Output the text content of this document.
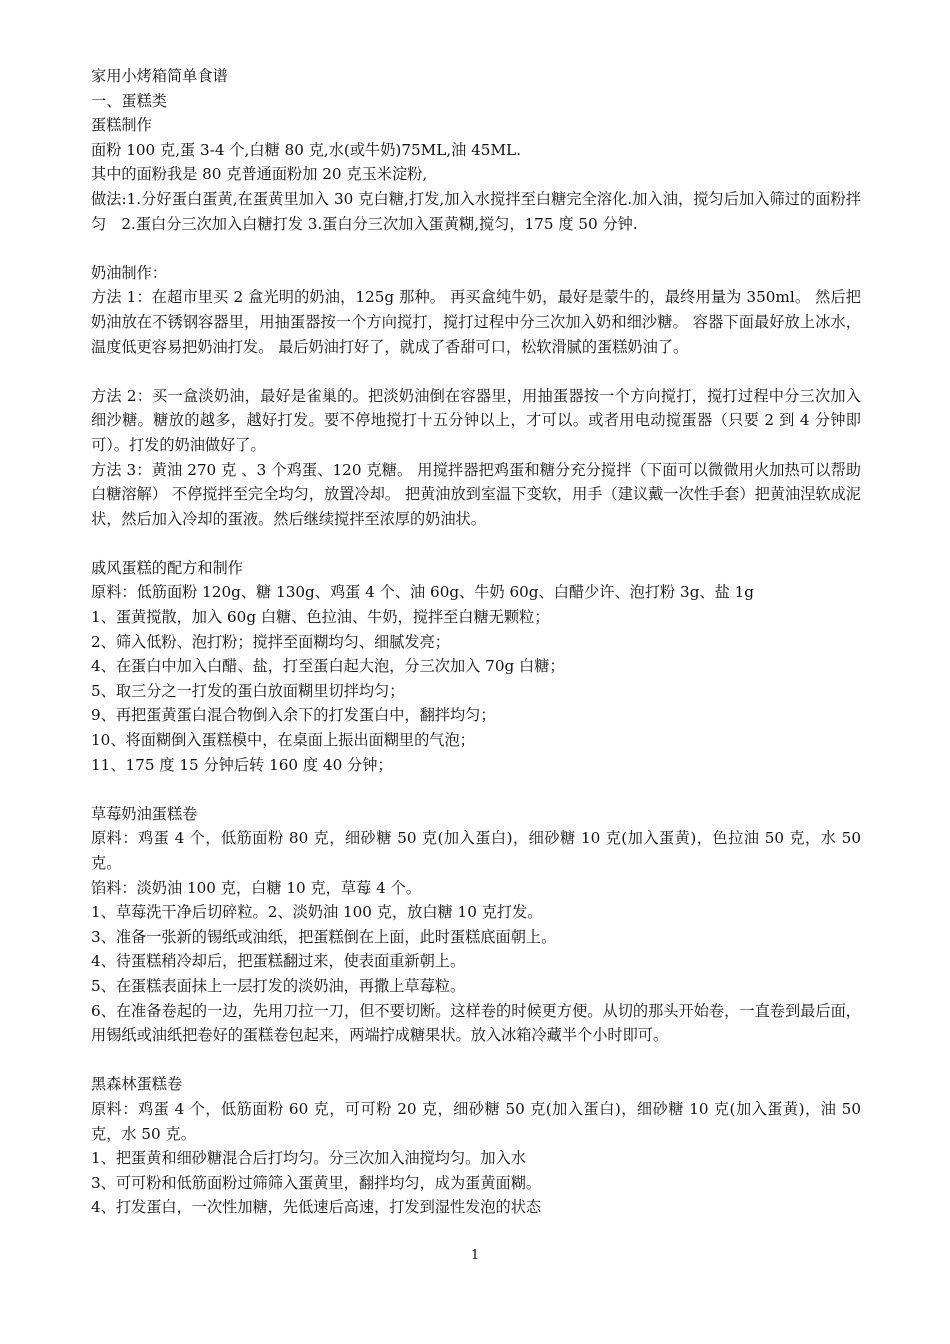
家用小烤箱简单食谱

一、蛋糕类

蛋糕制作

面粉 100 克,蛋 3-4 个,白糖 80 克,水(或牛奶)75ML,油 45ML.

其中的面粉我是 80 克普通面粉加 20 克玉米淀粉,

做法:1.分好蛋白蛋黄,在蛋黄里加入 30 克白糖,打发,加入水搅拌至白糖完全溶化.加入油，搅匀后加入筛过的面粉拌匀　2.蛋白分三次加入白糖打发 3.蛋白分三次加入蛋黄糊,搅匀，175 度 50 分钟.

奶油制作：

方法 1：在超市里买 2 盒光明的奶油，125g 那种。 再买盒纯牛奶，最好是蒙牛的，最终用量为 350ml。 然后把奶油放在不锈钢容器里，用抽蛋器按一个方向搅打，搅打过程中分三次加入奶和细沙糖。 容器下面最好放上冰水，温度低更容易把奶油打发。 最后奶油打好了，就成了香甜可口，松软滑腻的蛋糕奶油了。

方法 2：买一盒淡奶油，最好是雀巢的。把淡奶油倒在容器里，用抽蛋器按一个方向搅打，搅打过程中分三次加入细沙糖。糖放的越多，越好打发。要不停地搅打十五分钟以上，才可以。或者用电动搅蛋器（只要 2 到 4 分钟即可）。打发的奶油做好了。

方法 3：黄油 270 克 、3 个鸡蛋、120 克糖。 用搅拌器把鸡蛋和糖分充分搅拌（下面可以微微用火加热可以帮助白糖溶解） 不停搅拌至完全均匀，放置冷却。 把黄油放到室温下变软，用手（建议戴一次性手套）把黄油涅软成泥状，然后加入冷却的蛋液。然后继续搅拌至浓厚的奶油状。

戚风蛋糕的配方和制作

原料：低筋面粉 120g、糖 130g、鸡蛋 4 个、油 60g、牛奶 60g、白醋少许、泡打粉 3g、盐 1g

1、蛋黄搅散，加入 60g 白糖、色拉油、牛奶，搅拌至白糖无颗粒；

2、筛入低粉、泡打粉；搅拌至面糊均匀、细腻发亮；

4、在蛋白中加入白醋、盐，打至蛋白起大泡，分三次加入 70g 白糖；

5、取三分之一打发的蛋白放面糊里切拌均匀；

9、再把蛋黄蛋白混合物倒入余下的打发蛋白中，翻拌均匀；

10、将面糊倒入蛋糕模中，在桌面上振出面糊里的气泡；

11、175 度 15 分钟后转 160 度 40 分钟；

草莓奶油蛋糕卷

原料：鸡蛋 4 个，低筋面粉 80 克，细砂糖 50 克(加入蛋白)，细砂糖 10 克(加入蛋黄)，色拉油 50 克，水 50 克。

馅料：淡奶油 100 克，白糖 10 克，草莓 4 个。

1、草莓洗干净后切碎粒。2、淡奶油 100 克，放白糖 10 克打发。

3、准备一张新的锡纸或油纸，把蛋糕倒在上面，此时蛋糕底面朝上。

4、待蛋糕稍冷却后，把蛋糕翻过来，使表面重新朝上。

5、在蛋糕表面抹上一层打发的淡奶油，再撒上草莓粒。

6、在准备卷起的一边，先用刀拉一刀，但不要切断。这样卷的时候更方便。从切的那头开始卷，一直卷到最后面，用锡纸或油纸把卷好的蛋糕卷包起来，两端拧成糖果状。放入冰箱冷藏半个小时即可。

黑森林蛋糕卷

原料：鸡蛋 4 个，低筋面粉 60 克，可可粉 20 克，细砂糖 50 克(加入蛋白)，细砂糖 10 克(加入蛋黄)，油 50 克，水 50 克。

1、把蛋黄和细砂糖混合后打均匀。分三次加入油搅均匀。加入水

3、可可粉和低筋面粉过筛筛入蛋黄里，翻拌均匀，成为蛋黄面糊。

4、打发蛋白，一次性加糖，先低速后高速，打发到湿性发泡的状态

1
